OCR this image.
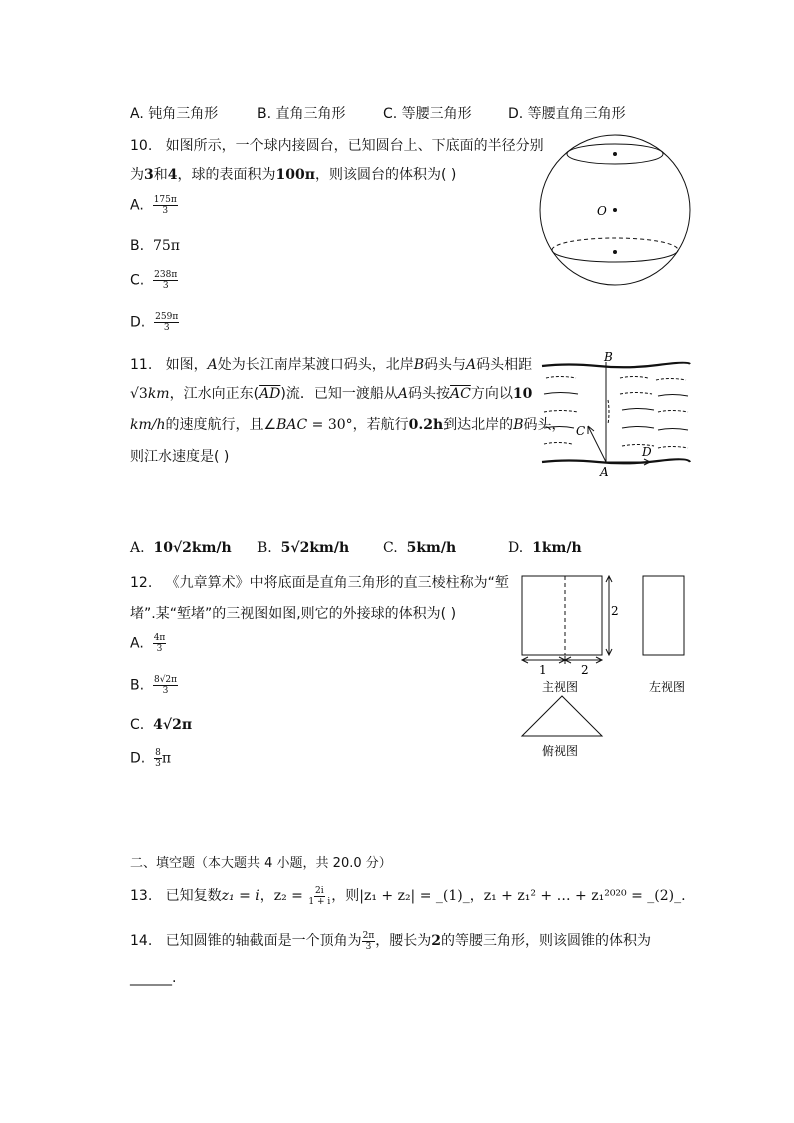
A. 钝角三角形	B. 直角三角形	C. 等腰三角形	D. 等腰直角三角形
10. 如图所示，一个球内接圆台，已知圆台上、下底面的半径分别
为3和4，球的表面积为100π，则该圆台的体积为( )
A. $\frac{175\pi}{3}$
B. 75π
C. $\frac{238\pi}{3}$
D. $\frac{259\pi}{3}$
O
11. 如图，A处为长江南岸某渡口码头，北岸B码头与A码头相距
√3km，江水向正东$(\overline{AD})$流．已知一渡船从A码头按$\overline{AC}$方向以10
km/h的速度航行，且∠BAC = 30°，若航行0.2h到达北岸的B码头，
则江水速度是( )
B
A
C
D
A. 10√2km/h B. 5√2km/h C. 5km/h	D. 1km/h
12. 《九章算术》中将底面是直角三角形的直三棱柱称为“堑
堵”.某“堑堵”的三视图如图,则它的外接球的体积为( )
A. $\frac{4\pi}{3}$
B. $\frac{8√2\pi}{3}$
C. 4√2π
D. $\frac{8}{3}$ π
2
1	2
主视图	左视图
俯视图
二、填空题（本大题共 4 小题，共 20.0 分）
13. 已知复数z₁ = i，$z_2 = \frac{2i}{1 + i}$ ，则|z₁ + z₂| = _(1)_，z₁ + z₁² + … + z₁²⁰²⁰ = _(2)_.
14. 已知圆锥的轴截面是一个顶角为 $\frac{2\pi}{3}$ ，腰长为2的等腰三角形，则该圆锥的体积为
______.
